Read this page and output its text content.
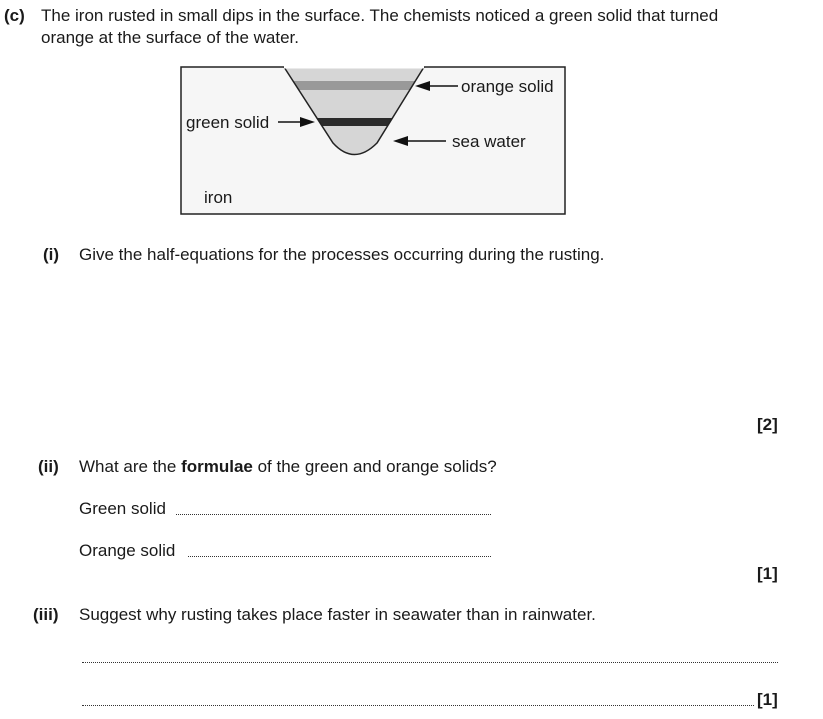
(c) The iron rusted in small dips in the surface. The chemists noticed a green solid that turned
orange at the surface of the water.
orange solid
green solid
sea water
iron
(i) Give the half-equations for the processes occurring during the rusting.
[2]
(ii) What are the formulae of the green and orange solids?
Green solid
Orange solid
[1]
(iii) Suggest why rusting takes place faster in seawater than in rainwater.
[1]
